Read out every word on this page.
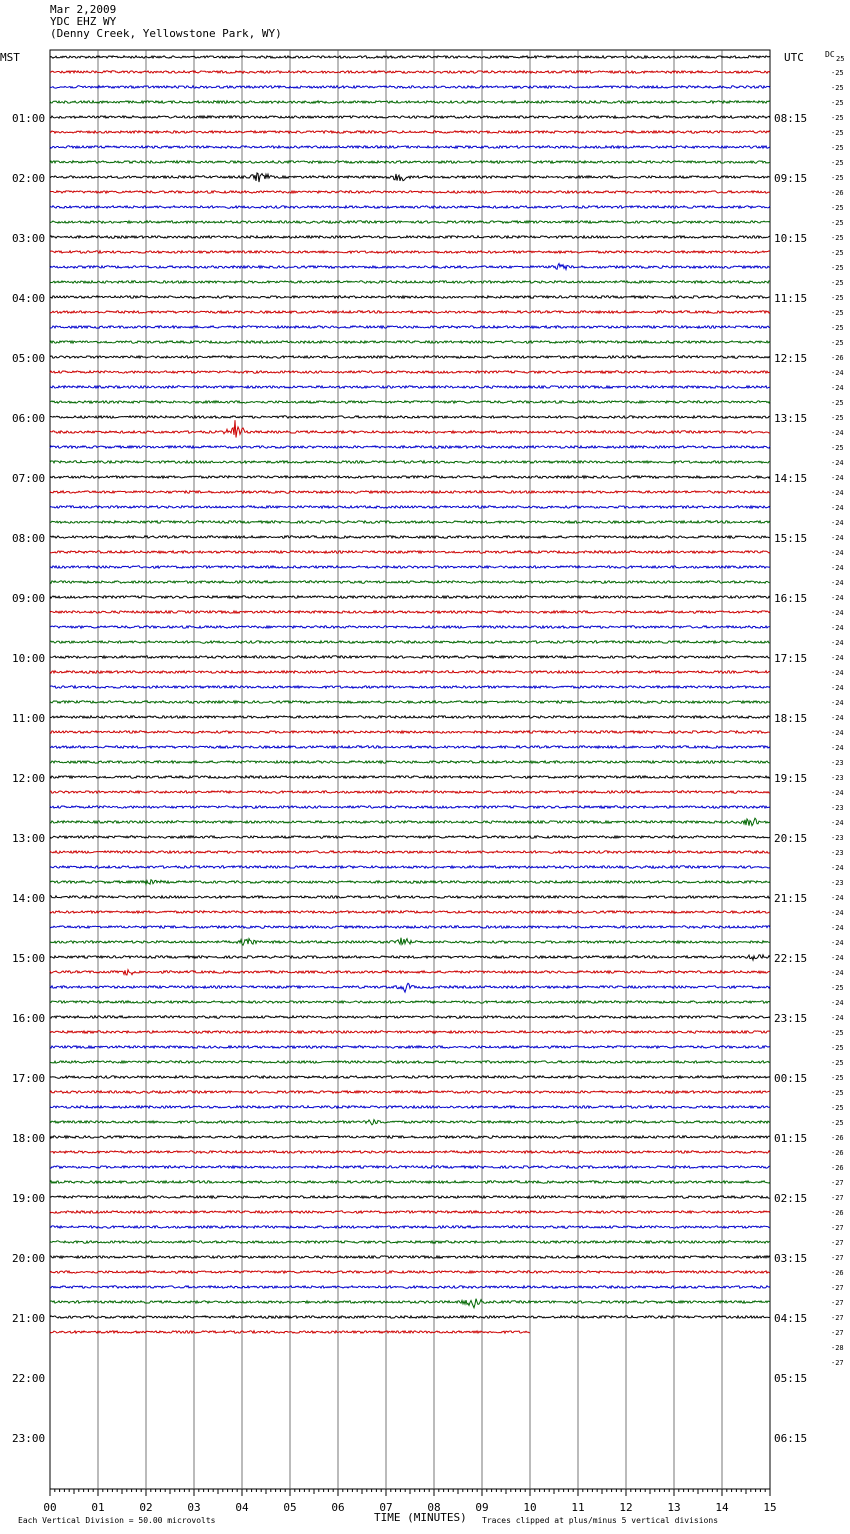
Mar 2,2009
YDC EHZ WY
(Denny Creek, Yellowstone Park, WY)
MST	UTC
00	01	02	03	04	05	06	07	08	09	10	11	12	13	14	15
01:00
02:00
03:00
04:00
05:00
06:00
07:00
08:00
09:00
10:00
11:00
12:00
13:00
14:00
15:00
16:00
17:00
18:00
19:00
20:00
21:00
22:00
23:00
08:15
09:15
10:15
11:15
12:15
13:15
14:15
15:15
16:15
17:15
18:15
19:15
20:15
21:15
22:15
23:15
00:15
01:15
02:15
03:15
04:15
05:15
06:15
DC 25
-25
-25
-25
-25
-25
-25
-25
-25
-26
-25
-25
-25
-25
-25
-25
-25
-25
-25
-25
-26
-24
-24
-25
-25
-24
-25
-24
-24
-24
-24
-24
-24
-24
-24
-24
-24
-24
-24
-24
-24
-24
-24
-24
-24
-24
-24
-23
-23
-24
-23
-24
-23
-23
-24
-23
-24
-24
-24
-24
-24
-24
-25
-24
-24
-25
-25
-25
-25
-25
-25
-25
-26
-26
-26
-27
-27
-26
-27
-27
-27
-26
-27
-27
-27
-27
-28
-27
TIME (MINUTES)
Each Vertical Division = 50.00 microvolts	Traces clipped at plus/minus 5 vertical divisions
